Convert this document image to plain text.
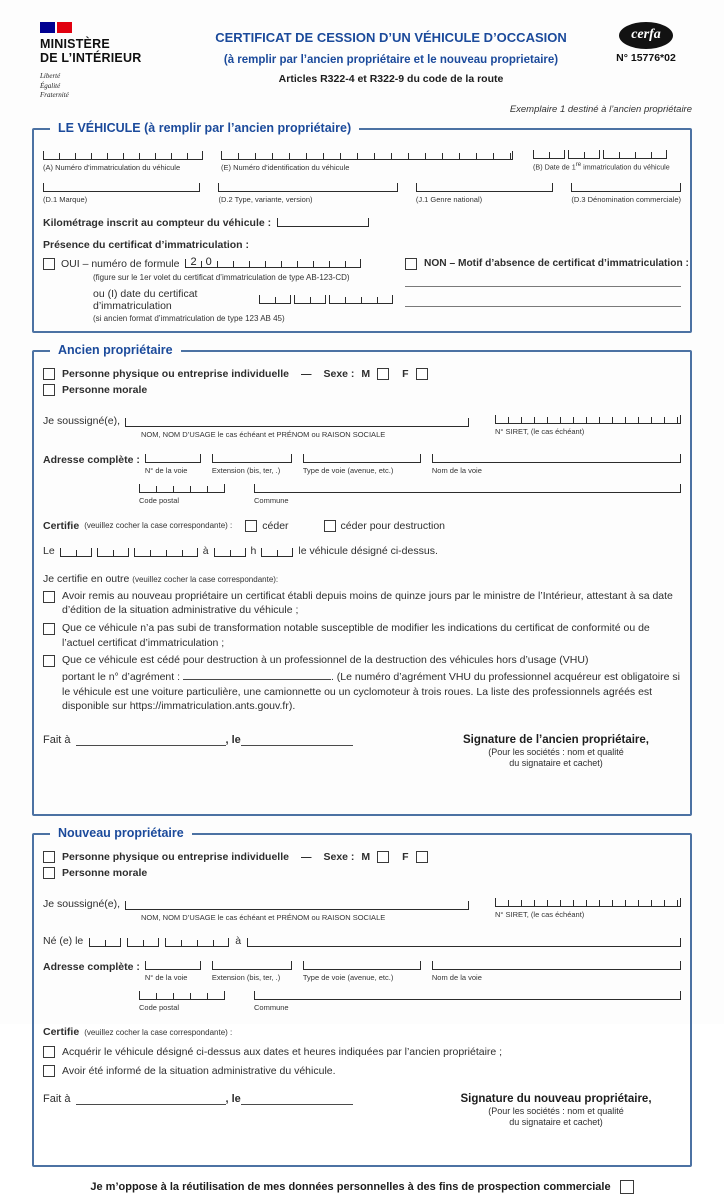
MINISTÈRE
DE L’INTÉRIEUR
Liberté
Égalité
Fraternité
CERTIFICAT DE CESSION D’UN VÉHICULE D’OCCASION
(à remplir par l’ancien propriétaire et le nouveau proprietaire)
Articles R322-4 et R322-9 du code de la route
cerfa
N° 15776*02
Exemplaire 1 destiné à l’ancien propriétaire
LE VÉHICULE (à remplir par l’ancien propriétaire)
(A) Numéro d’immatriculation du véhicule	(E) Numéro d’identification du véhicule	(B) Date de 1re immatriculation du véhicule
(D.1 Marque)	(D.2 Type, variante, version)	(J.1 Genre national)	(D.3 Dénomination commerciale)
Kilométrage inscrit au compteur du véhicule :
Présence du certificat d’immatriculation :
OUI – numéro de formule 20
(figure sur le 1er volet du certificat d’immatriculation de type AB-123-CD)
ou (I) date du certificat d’immatriculation
(si ancien format d’immatriculation de type 123 AB 45)
NON – Motif d’absence de certificat d’immatriculation :
Ancien propriétaire
Personne physique ou entreprise individuelle — Sexe : M	F
Personne morale
Je soussigné(e),
NOM, NOM D’USAGE le cas échéant et PRÉNOM ou RAISON SOCIALE	N° SIRET, (le cas échéant)
Adresse complète :
N° de la voie	Extension (bis, ter, .)	Type de voie (avenue, etc.)	Nom de la voie
Code postal	Commune
Certifie (veuillez cocher la case correspondante) :	céder	céder pour destruction
Le	à	h	le véhicule désigné ci-dessus.
Je certifie en outre (veuillez cocher la case correspondante):
Avoir remis au nouveau propriétaire un certificat établi depuis moins de quinze jours par le ministre de l’Intérieur, attestant à sa date d’édition de la situation administrative du véhicule ;
Que ce véhicule n’a pas subi de transformation notable susceptible de modifier les indications du certificat de conformité ou de l’actuel certificat d’immatriculation ;
Que ce véhicule est cédé pour destruction à un professionnel de la destruction des véhicules hors d’usage (VHU)
portant le n° d’agrément :	. (Le numéro d’agrément VHU du professionnel acquéreur est obligatoire si le véhicule est une voiture particulière, une camionnette ou un cyclomoteur à trois roues. La liste des professionnels agréés est disponible sur https://immatriculation.ants.gouv.fr).
Fait à	, le	Signature de l’ancien propriétaire,
(Pour les sociétés : nom et qualité
du signataire et cachet)
Nouveau propriétaire
Personne physique ou entreprise individuelle — Sexe : M	F
Personne morale
Je soussigné(e),
NOM, NOM D’USAGE le cas échéant et PRÉNOM ou RAISON SOCIALE	N° SIRET, (le cas échéant)
Né (e) le	à
Adresse complète :
N° de la voie	Extension (bis, ter, .)	Type de voie (avenue, etc.)	Nom de la voie
Code postal	Commune
Certifie (veuillez cocher la case correspondante) :
Acquérir le véhicule désigné ci-dessus aux dates et heures indiquées par l’ancien propriétaire ;
Avoir été informé de la situation administrative du véhicule.
Fait à	, le	Signature du nouveau propriétaire,
(Pour les sociétés : nom et qualité
du signataire et cachet)
Je m’oppose à la réutilisation de mes données personnelles à des fins de prospection commerciale
